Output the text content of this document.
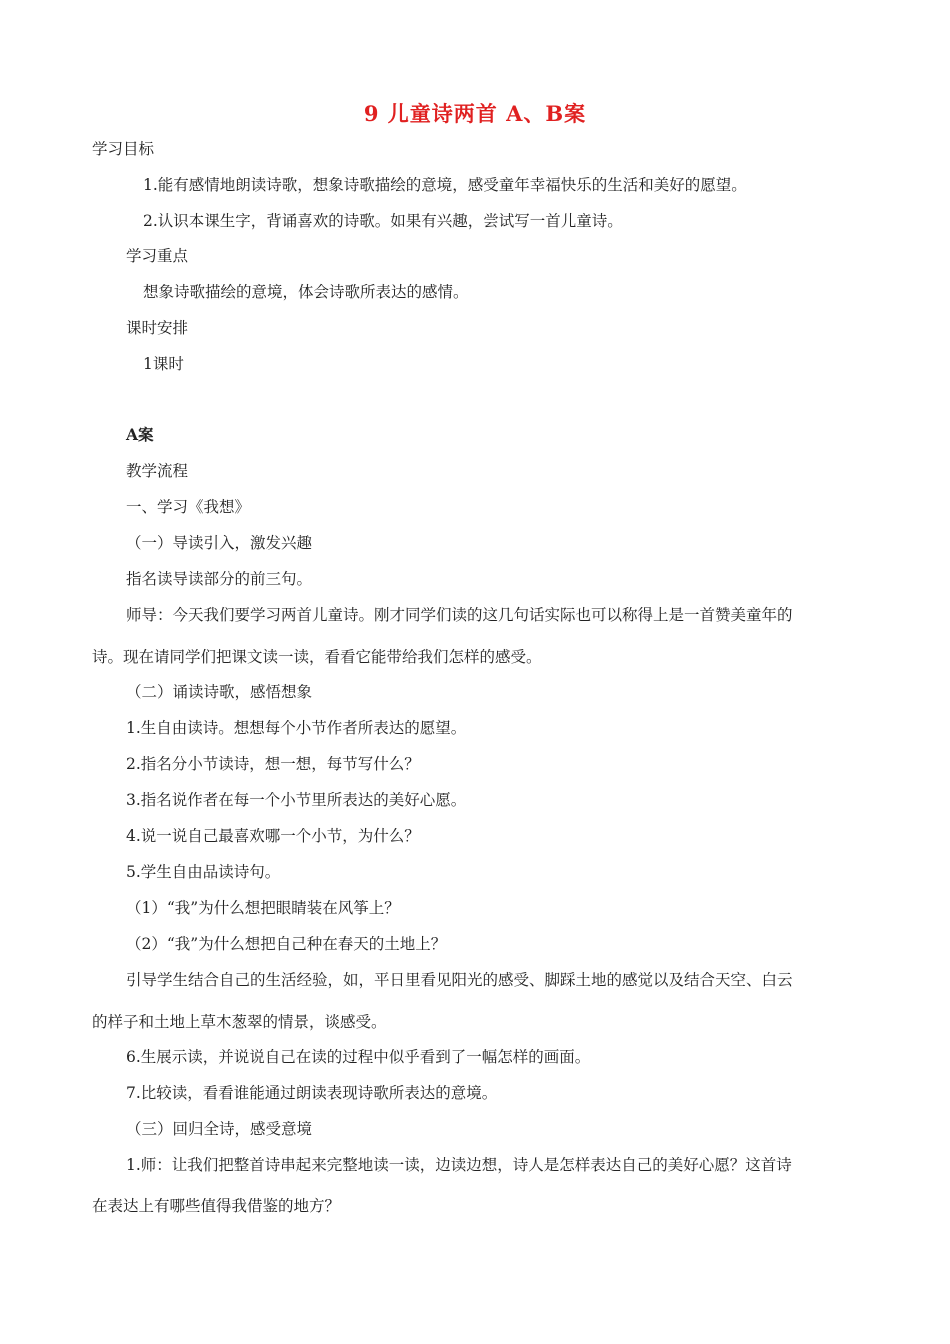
9 儿童诗两首 A、B案
学习目标
1.能有感情地朗读诗歌，想象诗歌描绘的意境，感受童年幸福快乐的生活和美好的愿望。
2.认识本课生字，背诵喜欢的诗歌。如果有兴趣，尝试写一首儿童诗。
学习重点
想象诗歌描绘的意境，体会诗歌所表达的感情。
课时安排
1课时
A案
教学流程
一、学习《我想》
（一）导读引入，激发兴趣
指名读导读部分的前三句。
师导：今天我们要学习两首儿童诗。刚才同学们读的这几句话实际也可以称得上是一首赞美童年的
诗。现在请同学们把课文读一读，看看它能带给我们怎样的感受。
（二）诵读诗歌，感悟想象
1.生自由读诗。想想每个小节作者所表达的愿望。
2.指名分小节读诗，想一想，每节写什么？
3.指名说作者在每一个小节里所表达的美好心愿。
4.说一说自己最喜欢哪一个小节，为什么？
5.学生自由品读诗句。
（1）“我”为什么想把眼睛装在风筝上？
（2）“我”为什么想把自己种在春天的土地上？
引导学生结合自己的生活经验，如，平日里看见阳光的感受、脚踩土地的感觉以及结合天空、白云
的样子和土地上草木葱翠的情景，谈感受。
6.生展示读，并说说自己在读的过程中似乎看到了一幅怎样的画面。
7.比较读，看看谁能通过朗读表现诗歌所表达的意境。
（三）回归全诗，感受意境
1.师：让我们把整首诗串起来完整地读一读，边读边想，诗人是怎样表达自己的美好心愿？这首诗
在表达上有哪些值得我借鉴的地方？
